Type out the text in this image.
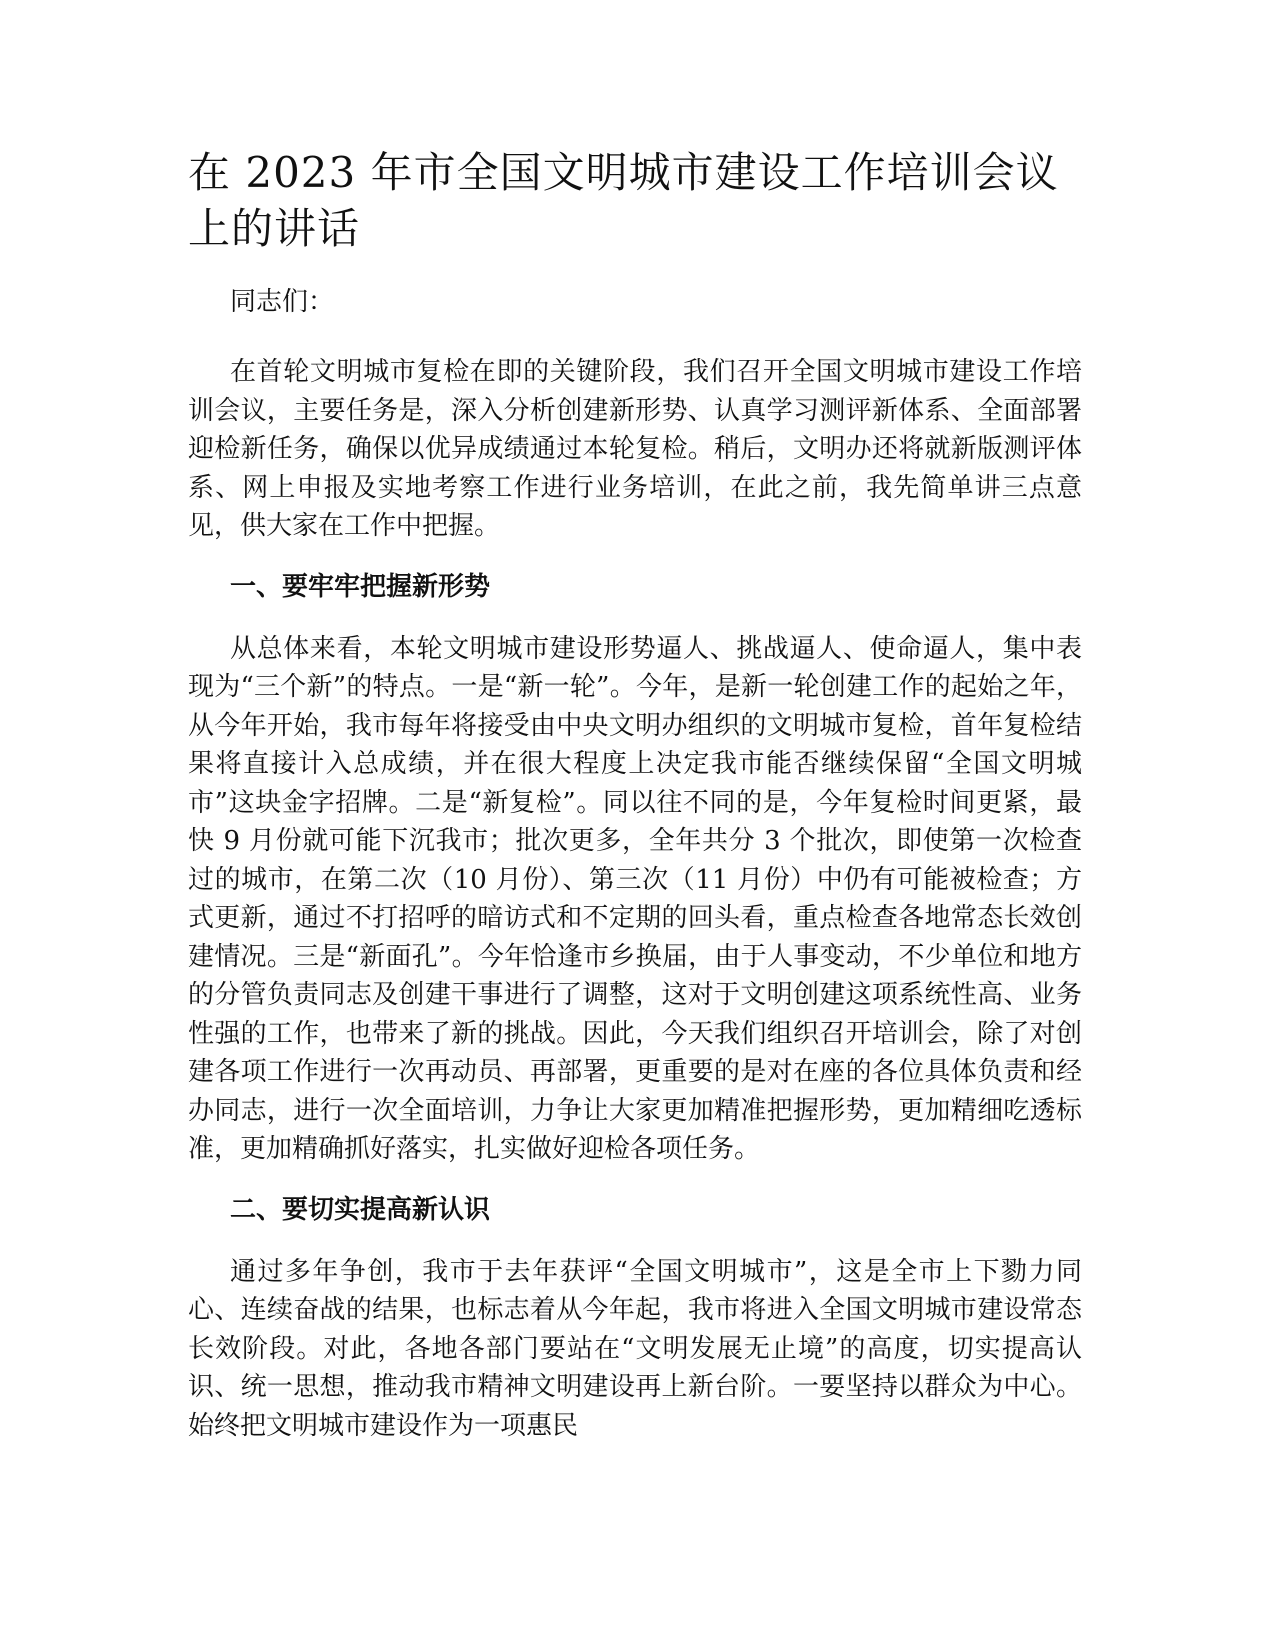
在 2023 年市全国文明城市建设工作培训会议上的讲话

同志们：

在首轮文明城市复检在即的关键阶段，我们召开全国文明城市建设工作培训会议，主要任务是，深入分析创建新形势、认真学习测评新体系、全面部署迎检新任务，确保以优异成绩通过本轮复检。稍后，文明办还将就新版测评体系、网上申报及实地考察工作进行业务培训，在此之前，我先简单讲三点意见，供大家在工作中把握。

一、要牢牢把握新形势

从总体来看，本轮文明城市建设形势逼人、挑战逼人、使命逼人，集中表现为“三个新”的特点。一是“新一轮”。今年，是新一轮创建工作的起始之年，从今年开始，我市每年将接受由中央文明办组织的文明城市复检，首年复检结果将直接计入总成绩，并在很大程度上决定我市能否继续保留“全国文明城市”这块金字招牌。二是“新复检”。同以往不同的是，今年复检时间更紧，最快 9 月份就可能下沉我市；批次更多，全年共分 3 个批次，即使第一次检查过的城市，在第二次（10 月份）、第三次（11 月份）中仍有可能被检查；方式更新，通过不打招呼的暗访式和不定期的回头看，重点检查各地常态长效创建情况。三是“新面孔”。今年恰逢市乡换届，由于人事变动，不少单位和地方的分管负责同志及创建干事进行了调整，这对于文明创建这项系统性高、业务性强的工作，也带来了新的挑战。因此，今天我们组织召开培训会，除了对创建各项工作进行一次再动员、再部署，更重要的是对在座的各位具体负责和经办同志，进行一次全面培训，力争让大家更加精准把握形势，更加精细吃透标准，更加精确抓好落实，扎实做好迎检各项任务。

二、要切实提高新认识

通过多年争创，我市于去年获评“全国文明城市”，这是全市上下勠力同心、连续奋战的结果，也标志着从今年起，我市将进入全国文明城市建设常态长效阶段。对此，各地各部门要站在“文明发展无止境”的高度，切实提高认识、统一思想，推动我市精神文明建设再上新台阶。一要坚持以群众为中心。始终把文明城市建设作为一项惠民
